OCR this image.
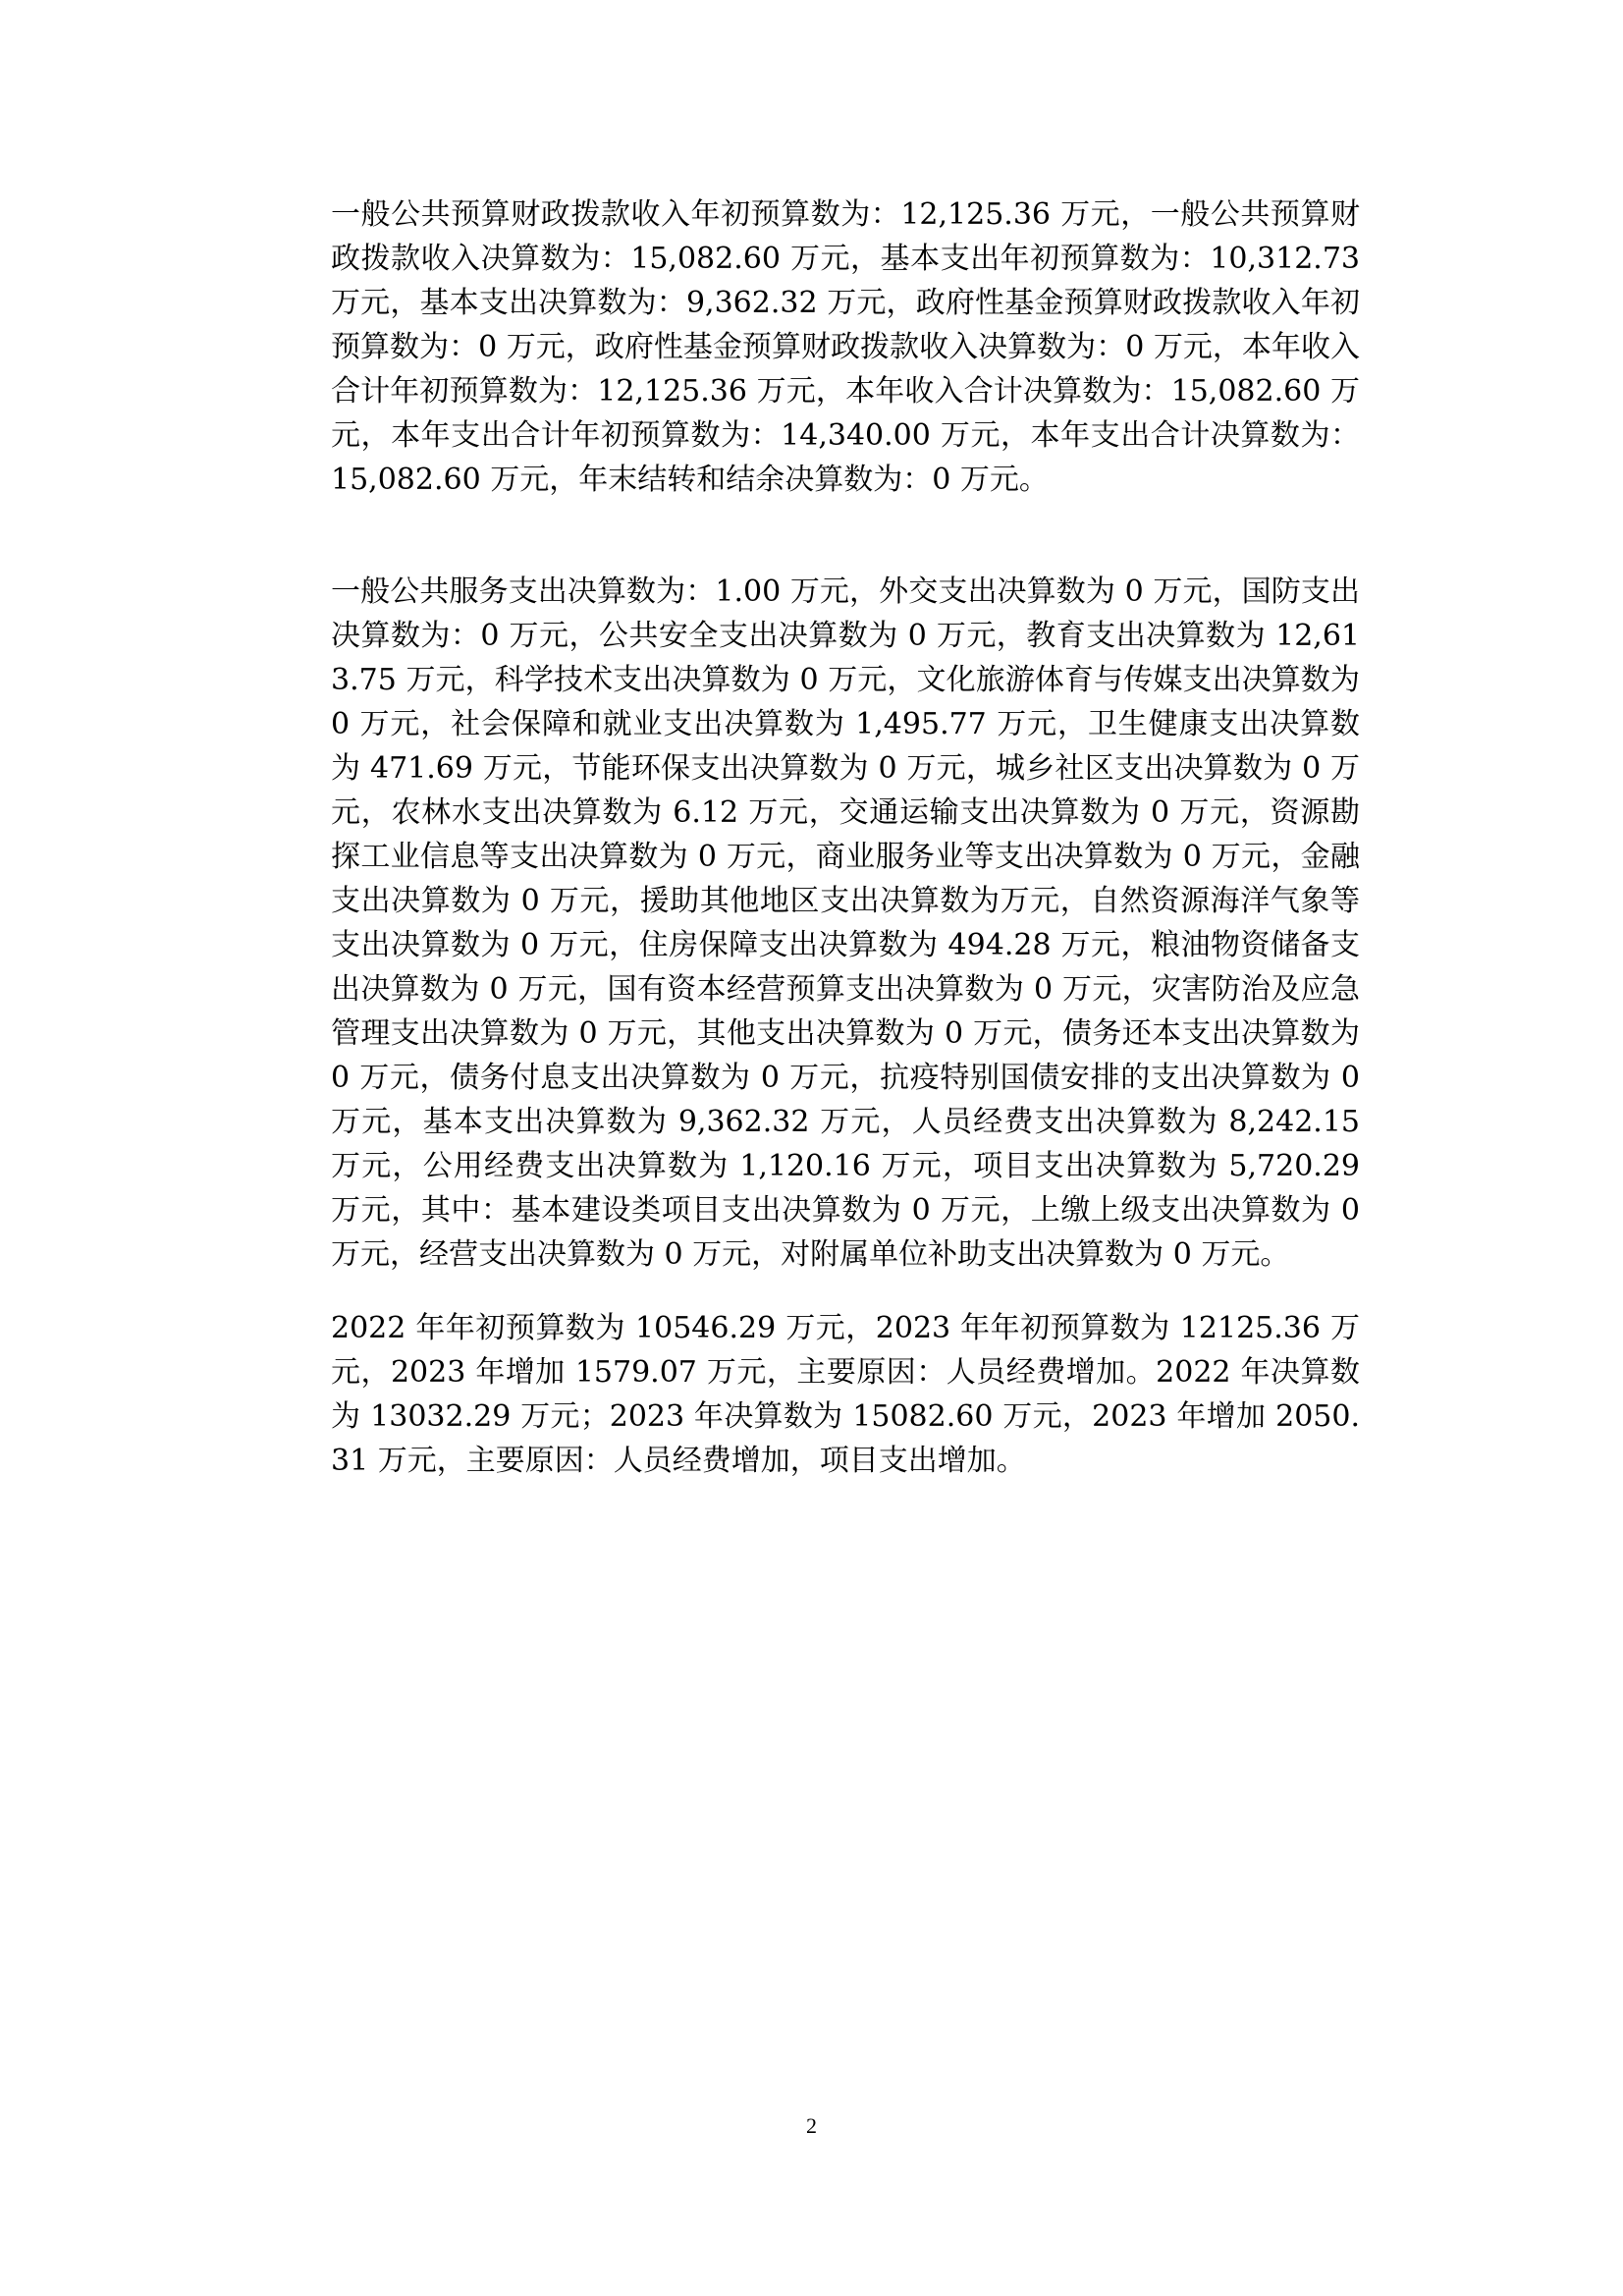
一般公共预算财政拨款收入年初预算数为：12,125.36 万元，一般公共预算财政拨款收入决算数为：15,082.60 万元，基本支出年初预算数为：10,312.73 万元，基本支出决算数为：9,362.32 万元，政府性基金预算财政拨款收入年初预算数为：0 万元，政府性基金预算财政拨款收入决算数为：0 万元，本年收入合计年初预算数为：12,125.36 万元，本年收入合计决算数为：15,082.60 万元，本年支出合计年初预算数为：14,340.00 万元，本年支出合计决算数为：15,082.60 万元，年末结转和结余决算数为：0 万元。

一般公共服务支出决算数为：1.00 万元，外交支出决算数为 0 万元，国防支出决算数为：0 万元，公共安全支出决算数为 0 万元，教育支出决算数为 12,613.75 万元，科学技术支出决算数为 0 万元，文化旅游体育与传媒支出决算数为 0 万元，社会保障和就业支出决算数为 1,495.77 万元，卫生健康支出决算数为 471.69 万元，节能环保支出决算数为 0 万元，城乡社区支出决算数为 0 万元，农林水支出决算数为 6.12 万元，交通运输支出决算数为 0 万元，资源勘探工业信息等支出决算数为 0 万元，商业服务业等支出决算数为 0 万元，金融支出决算数为 0 万元，援助其他地区支出决算数为万元，自然资源海洋气象等支出决算数为 0 万元，住房保障支出决算数为 494.28 万元，粮油物资储备支出决算数为 0 万元，国有资本经营预算支出决算数为 0 万元，灾害防治及应急管理支出决算数为 0 万元，其他支出决算数为 0 万元，债务还本支出决算数为 0 万元，债务付息支出决算数为 0 万元，抗疫特别国债安排的支出决算数为 0 万元，基本支出决算数为 9,362.32 万元，人员经费支出决算数为 8,242.15 万元，公用经费支出决算数为 1,120.16 万元，项目支出决算数为 5,720.29 万元，其中：基本建设类项目支出决算数为 0 万元，上缴上级支出决算数为 0 万元，经营支出决算数为 0 万元，对附属单位补助支出决算数为 0 万元。

2022 年年初预算数为 10546.29 万元，2023 年年初预算数为 12125.36 万元，2023 年增加 1579.07 万元，主要原因：人员经费增加。2022 年决算数为 13032.29 万元；2023 年决算数为 15082.60 万元，2023 年增加 2050.31 万元，主要原因：人员经费增加，项目支出增加。

2
